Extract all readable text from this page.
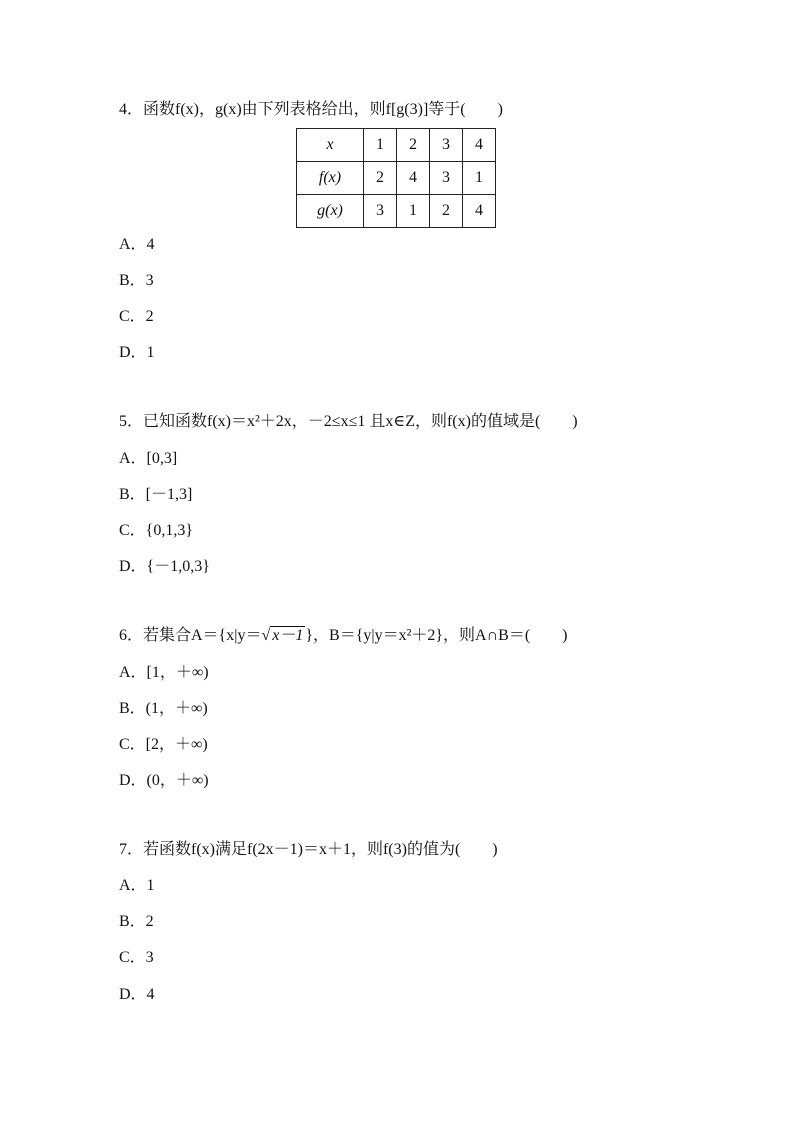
4．函数f(x)，g(x)由下列表格给出，则f[g(3)]等于(　　)
x	1	2	3	4
f(x)	2	4	3	1
g(x)	3	1	2	4
A．4
B．3
C．2
D．1
5．已知函数f(x)＝x²＋2x，－2≤x≤1 且x∈Z，则f(x)的值域是(　　)
A．[0,3]
B．[－1,3]
C．{0,1,3}
D．{－1,0,3}
6．若集合A＝{x|y＝√ x－1 }，B＝{y|y＝x²＋2}，则A∩B＝(　　)
A．[1，＋∞)
B．(1，＋∞)
C．[2，＋∞)
D．(0，＋∞)
7．若函数f(x)满足f(2x－1)＝x＋1，则f(3)的值为(　　)
A．1
B．2
C．3
D．4
